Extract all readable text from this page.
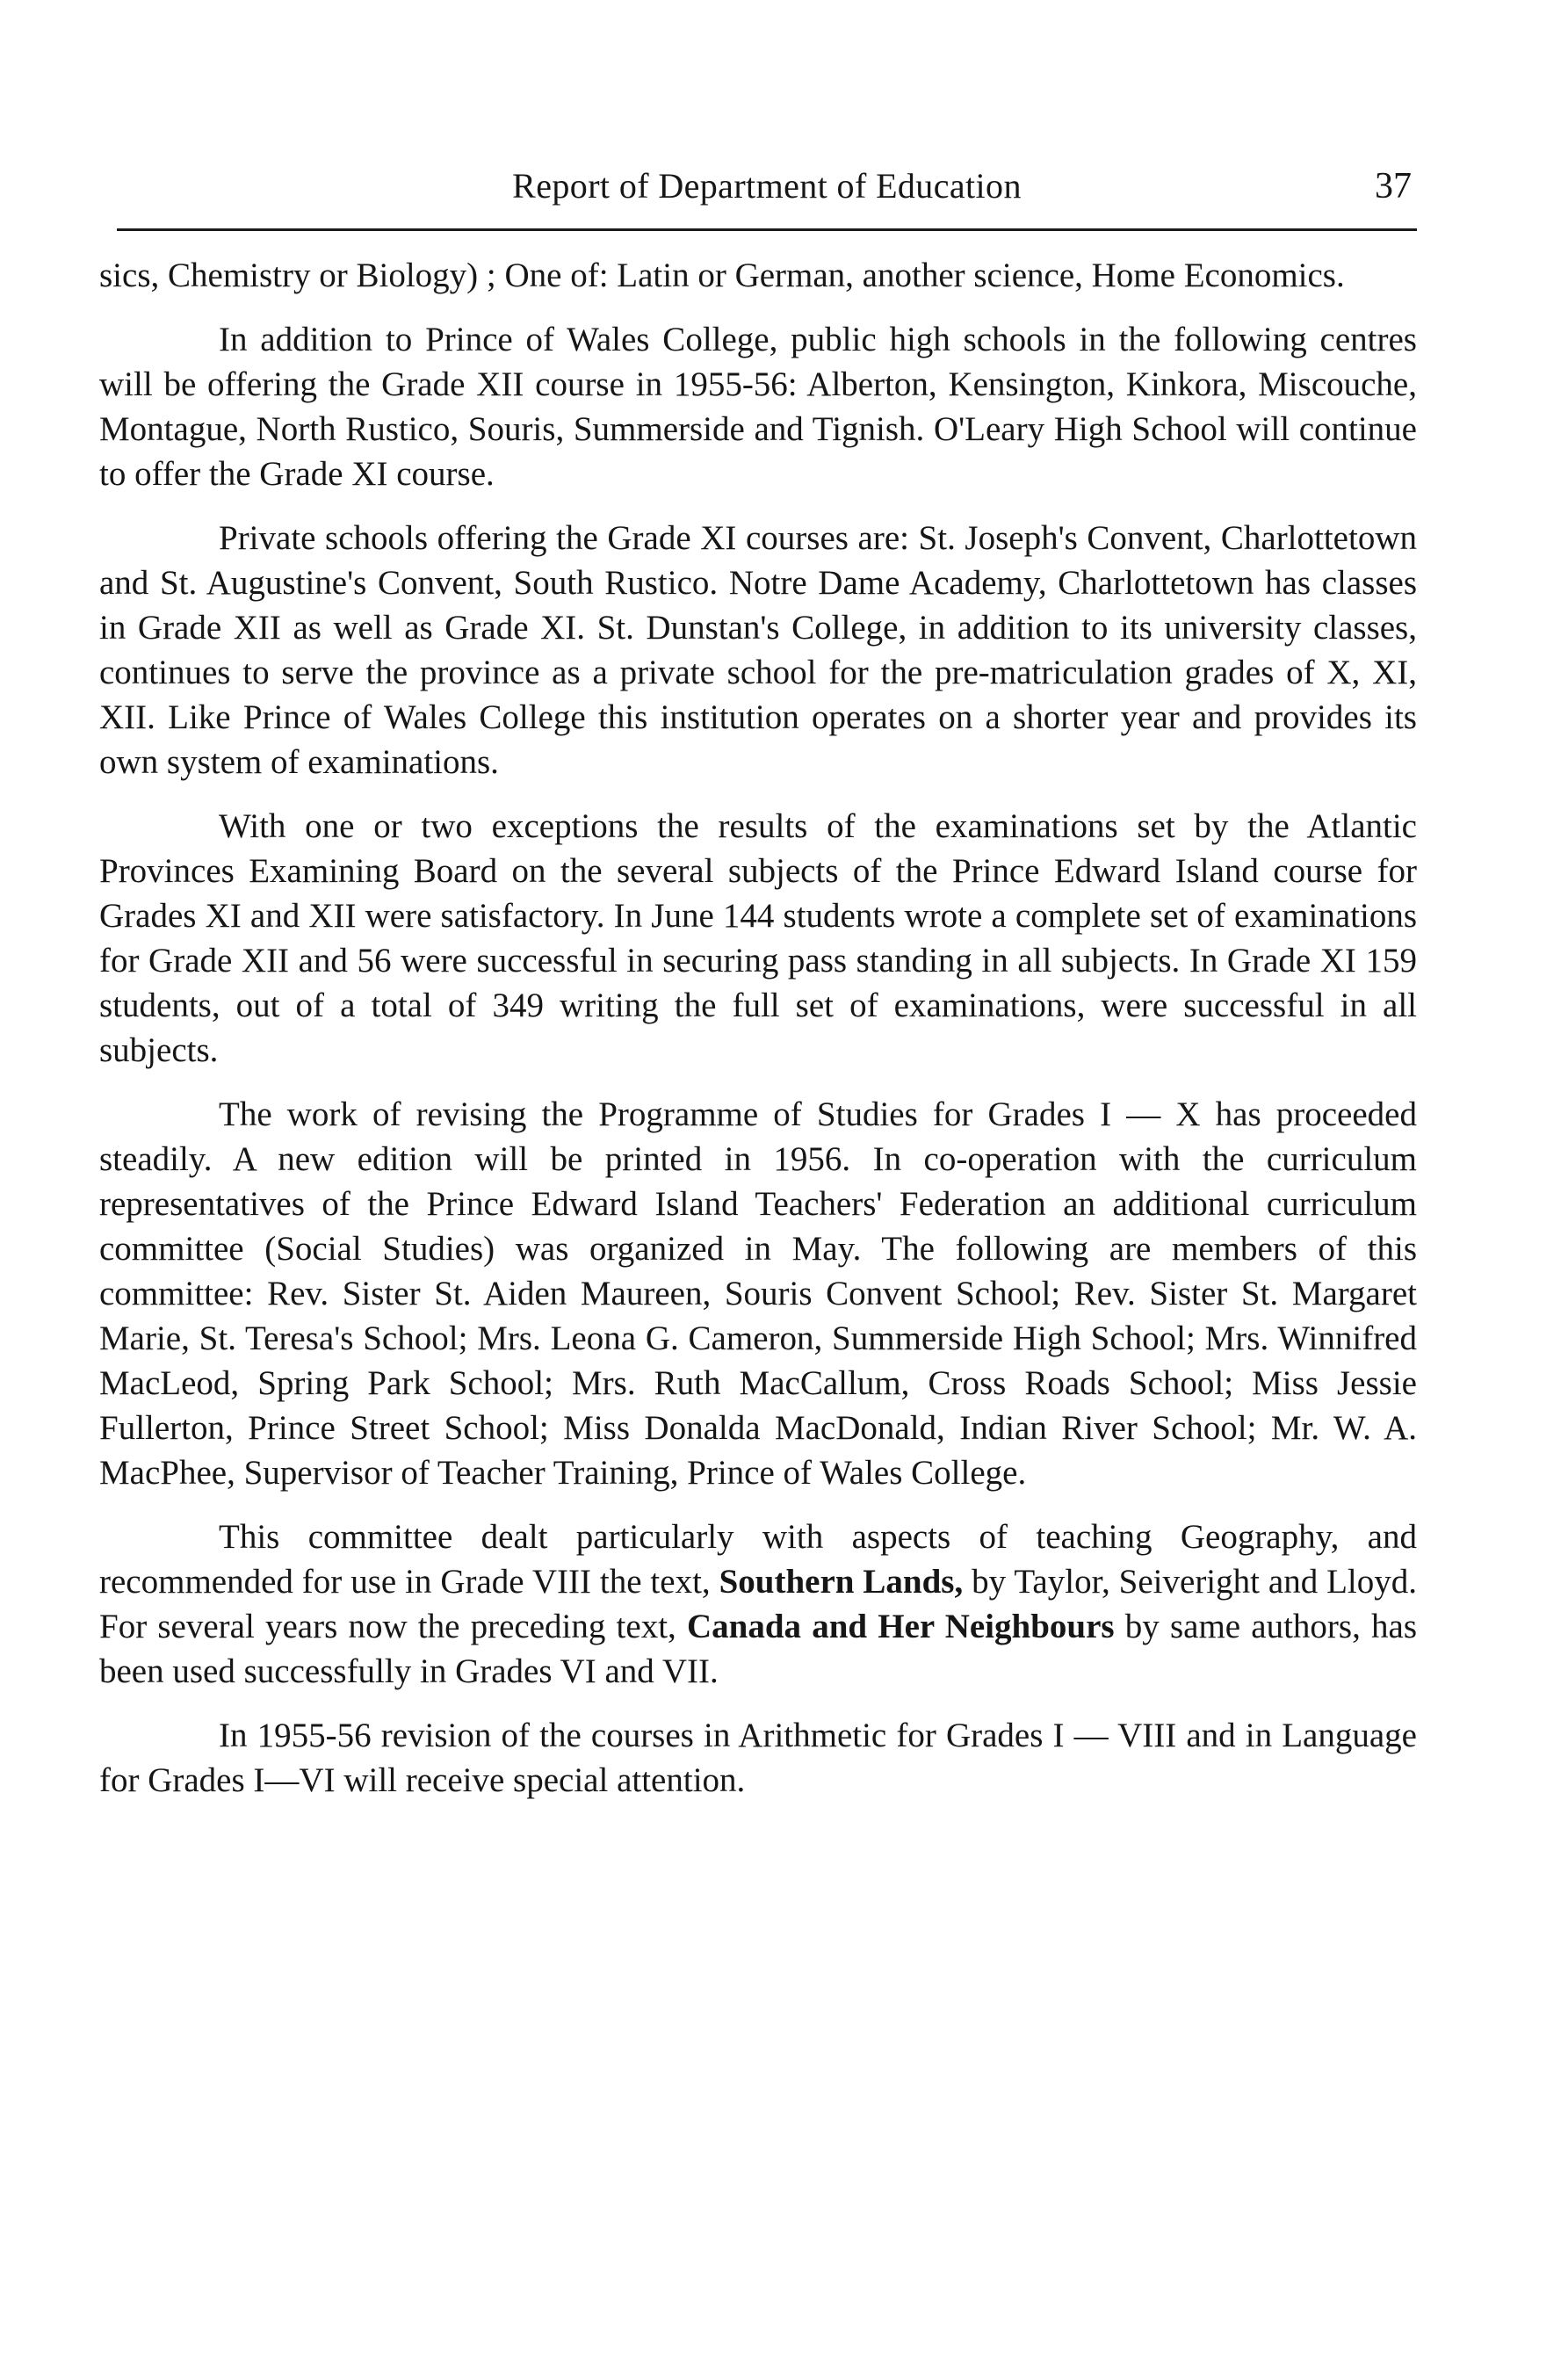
Report of Department of Education	37

sics, Chemistry or Biology) ; One of: Latin or German, another science, Home Economics.

In addition to Prince of Wales College, public high schools in the following centres will be offering the Grade XII course in 1955-56: Alberton, Kensington, Kinkora, Miscouche, Montague, North Rustico, Souris, Summerside and Tignish. O'Leary High School will continue to offer the Grade XI course.

Private schools offering the Grade XI courses are: St. Joseph's Convent, Charlottetown and St. Augustine's Convent, South Rustico. Notre Dame Academy, Charlottetown has classes in Grade XII as well as Grade XI. St. Dunstan's College, in addition to its university classes, continues to serve the province as a private school for the pre-matriculation grades of X, XI, XII. Like Prince of Wales College this institution operates on a shorter year and provides its own system of examinations.

With one or two exceptions the results of the examinations set by the Atlantic Provinces Examining Board on the several subjects of the Prince Edward Island course for Grades XI and XII were satisfactory. In June 144 students wrote a complete set of examinations for Grade XII and 56 were successful in securing pass standing in all subjects. In Grade XI 159 students, out of a total of 349 writing the full set of examinations, were successful in all subjects.

The work of revising the Programme of Studies for Grades I — X has proceeded steadily. A new edition will be printed in 1956. In co-operation with the curriculum representatives of the Prince Edward Island Teachers' Federation an additional curriculum committee (Social Studies) was organized in May. The following are members of this committee: Rev. Sister St. Aiden Maureen, Souris Convent School; Rev. Sister St. Margaret Marie, St. Teresa's School; Mrs. Leona G. Cameron, Summerside High School; Mrs. Winnifred MacLeod, Spring Park School; Mrs. Ruth MacCallum, Cross Roads School; Miss Jessie Fullerton, Prince Street School; Miss Donalda MacDonald, Indian River School; Mr. W. A. MacPhee, Supervisor of Teacher Training, Prince of Wales College.

This committee dealt particularly with aspects of teaching Geography, and recommended for use in Grade VIII the text, Southern Lands, by Taylor, Seiveright and Lloyd. For several years now the preceding text, Canada and Her Neighbours by same authors, has been used successfully in Grades VI and VII.

In 1955-56 revision of the courses in Arithmetic for Grades I — VIII and in Language for Grades I—VI will receive special attention.
